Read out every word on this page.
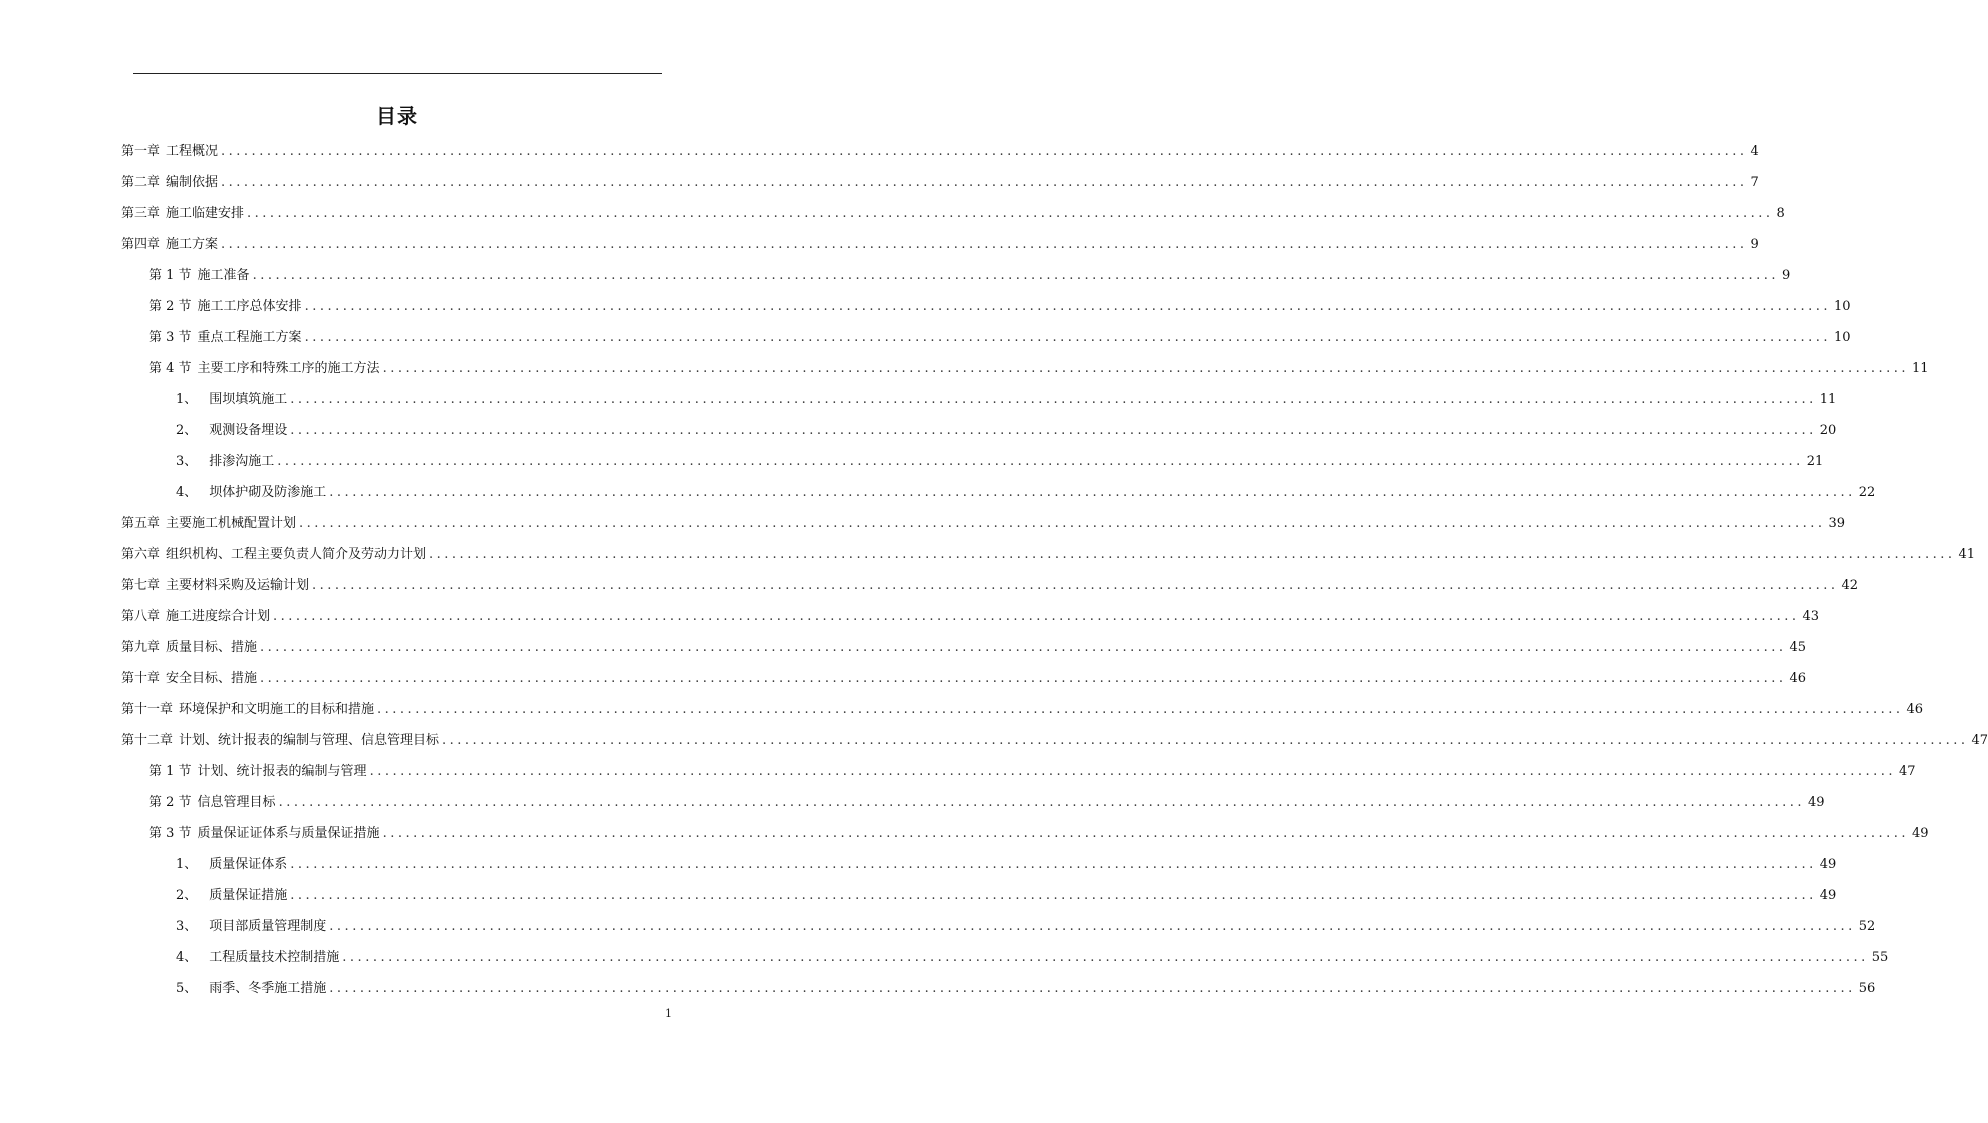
目录
第一章 工程概况 ........................................................................................................................................................................................................ 4
第二章 编制依据 ........................................................................................................................................................................................................ 7
第三章 施工临建安排 ........................................................................................................................................................................................................ 8
第四章 施工方案 ........................................................................................................................................................................................................ 9
第 1 节 施工准备 ........................................................................................................................................................................................................ 9
第 2 节 施工工序总体安排 ........................................................................................................................................................................................................ 10
第 3 节 重点工程施工方案 ........................................................................................................................................................................................................ 10
第 4 节 主要工序和特殊工序的施工方法 ........................................................................................................................................................................................................ 11
1、 围坝填筑施工 ........................................................................................................................................................................................................ 11
2、 观测设备埋设 ........................................................................................................................................................................................................ 20
3、 排渗沟施工 ........................................................................................................................................................................................................ 21
4、 坝体护砌及防渗施工 ........................................................................................................................................................................................................ 22
第五章 主要施工机械配置计划 ........................................................................................................................................................................................................ 39
第六章 组织机构、工程主要负责人简介及劳动力计划 ........................................................................................................................................................................................................ 41
第七章 主要材料采购及运输计划 ........................................................................................................................................................................................................ 42
第八章 施工进度综合计划 ........................................................................................................................................................................................................ 43
第九章 质量目标、措施 ........................................................................................................................................................................................................ 45
第十章 安全目标、措施 ........................................................................................................................................................................................................ 46
第十一章 环境保护和文明施工的目标和措施 ........................................................................................................................................................................................................ 46
第十二章 计划、统计报表的编制与管理、信息管理目标 ........................................................................................................................................................................................................ 47
第 1 节 计划、统计报表的编制与管理 ........................................................................................................................................................................................................ 47
第 2 节 信息管理目标 ........................................................................................................................................................................................................ 49
第 3 节 质量保证证体系与质量保证措施 ........................................................................................................................................................................................................ 49
1、 质量保证体系 ........................................................................................................................................................................................................ 49
2、 质量保证措施 ........................................................................................................................................................................................................ 49
3、 项目部质量管理制度 ........................................................................................................................................................................................................ 52
4、 工程质量技术控制措施 ........................................................................................................................................................................................................ 55
5、 雨季、冬季施工措施 ........................................................................................................................................................................................................ 56
1
